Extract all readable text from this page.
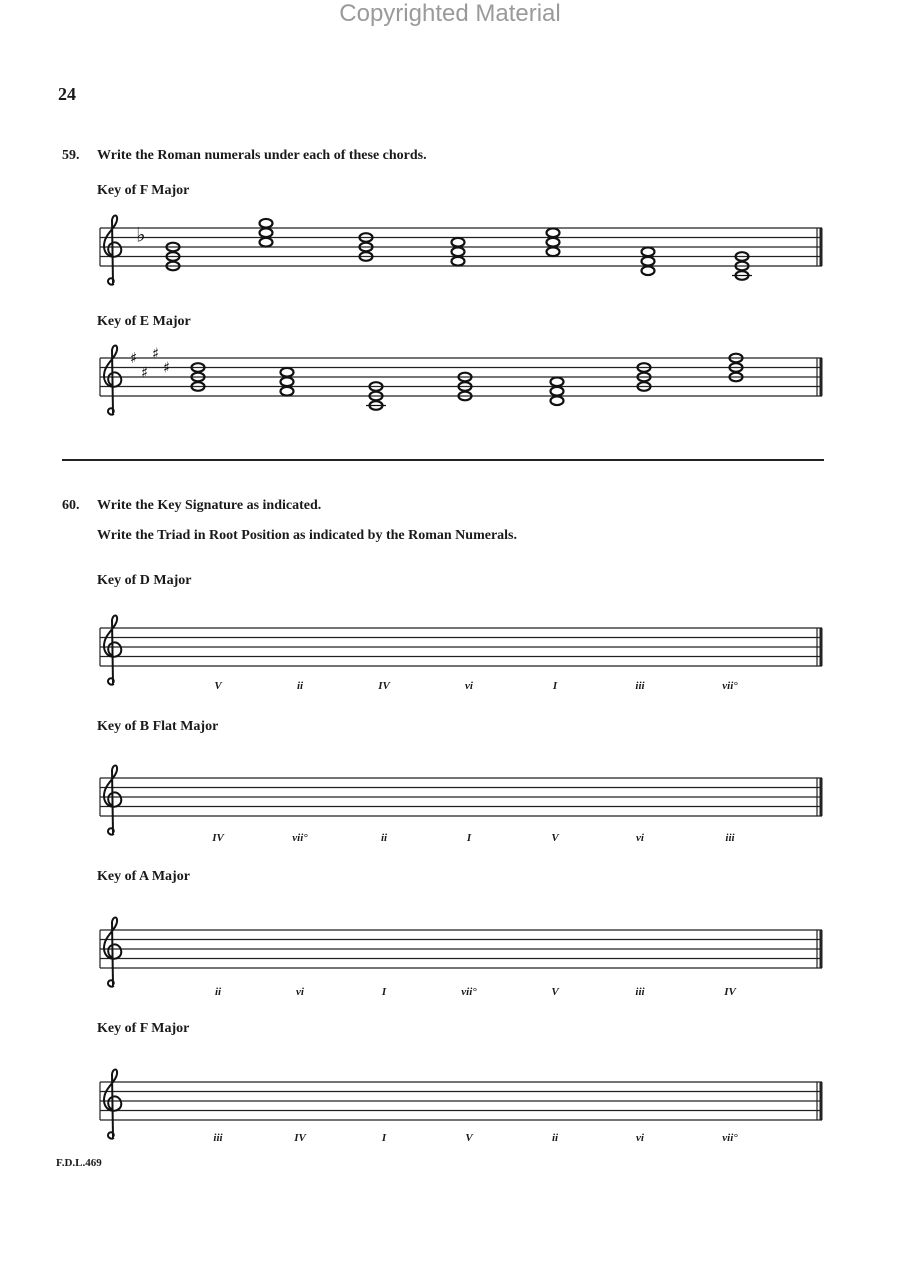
Copyrighted Material
24
59. Write the Roman numerals under each of these chords.
Key of F Major
♭
Key of E Major
♯
♯
♯
♯
60. Write the Key Signature as indicated.
Write the Triad in Root Position as indicated by the Roman Numerals.
Key of D Major
Key of B Flat Major
Key of A Major
Key of F Major
F.D.L.469
V	ii	IV	vi	I	iii	vii°
IV	vii°	ii	I	V	vi	iii
ii	vi	I	vii°	V	iii	IV
iii	IV	I	V	ii	vi	vii°
